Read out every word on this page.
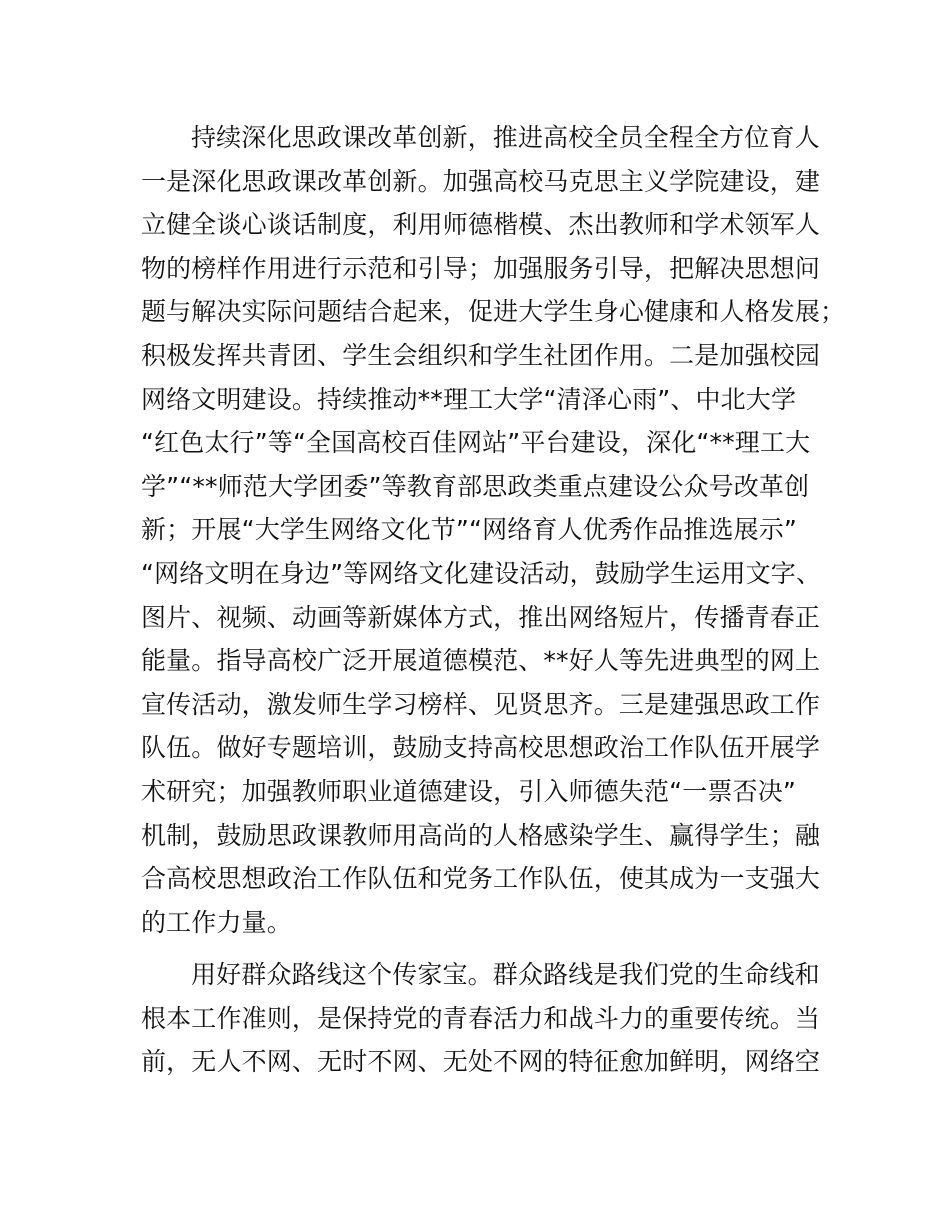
持续深化思政课改革创新，推进高校全员全程全方位育人
一是深化思政课改革创新。加强高校马克思主义学院建设，建
立健全谈心谈话制度，利用师德楷模、杰出教师和学术领军人
物的榜样作用进行示范和引导；加强服务引导，把解决思想问
题与解决实际问题结合起来，促进大学生身心健康和人格发展；
积极发挥共青团、学生会组织和学生社团作用。二是加强校园
网络文明建设。持续推动**理工大学“清泽心雨”、中北大学
“红色太行”等“全国高校百佳网站”平台建设，深化“**理工大
学”“**师范大学团委”等教育部思政类重点建设公众号改革创
新；开展“大学生网络文化节”“网络育人优秀作品推选展示”
“网络文明在身边”等网络文化建设活动，鼓励学生运用文字、
图片、视频、动画等新媒体方式，推出网络短片，传播青春正
能量。指导高校广泛开展道德模范、**好人等先进典型的网上
宣传活动，激发师生学习榜样、见贤思齐。三是建强思政工作
队伍。做好专题培训，鼓励支持高校思想政治工作队伍开展学
术研究；加强教师职业道德建设，引入师德失范“一票否决”
机制，鼓励思政课教师用高尚的人格感染学生、赢得学生；融
合高校思想政治工作队伍和党务工作队伍，使其成为一支强大
的工作力量。
用好群众路线这个传家宝。群众路线是我们党的生命线和
根本工作准则，是保持党的青春活力和战斗力的重要传统。当
前，无人不网、无时不网、无处不网的特征愈加鲜明，网络空
